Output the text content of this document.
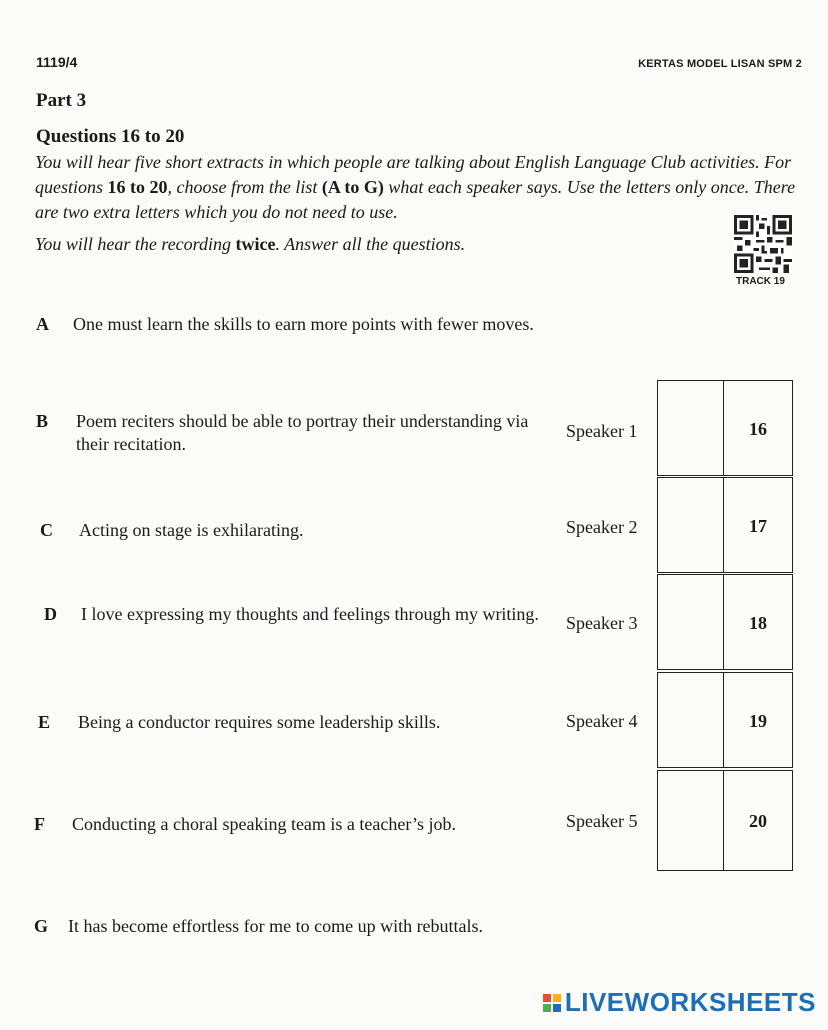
1119/4	KERTAS MODEL LISAN SPM 2
Part 3
Questions 16 to 20
You will hear five short extracts in which people are talking about English Language Club activities. For questions 16 to 20, choose from the list (A to G) what each speaker says. Use the letters only once. There are two extra letters which you do not need to use.
You will hear the recording twice. Answer all the questions.
TRACK 19
A One must learn the skills to earn more points with fewer moves.
B Poem reciters should be able to portray their understanding via their recitation.
C Acting on stage is exhilarating.
D I love expressing my thoughts and feelings through my writing.
E Being a conductor requires some leadership skills.
F Conducting a choral speaking team is a teacher’s job.
G It has become effortless for me to come up with rebuttals.
Speaker 1	16
Speaker 2	17
Speaker 3	18
Speaker 4	19
Speaker 5	20
LIVEWORKSHEETS
